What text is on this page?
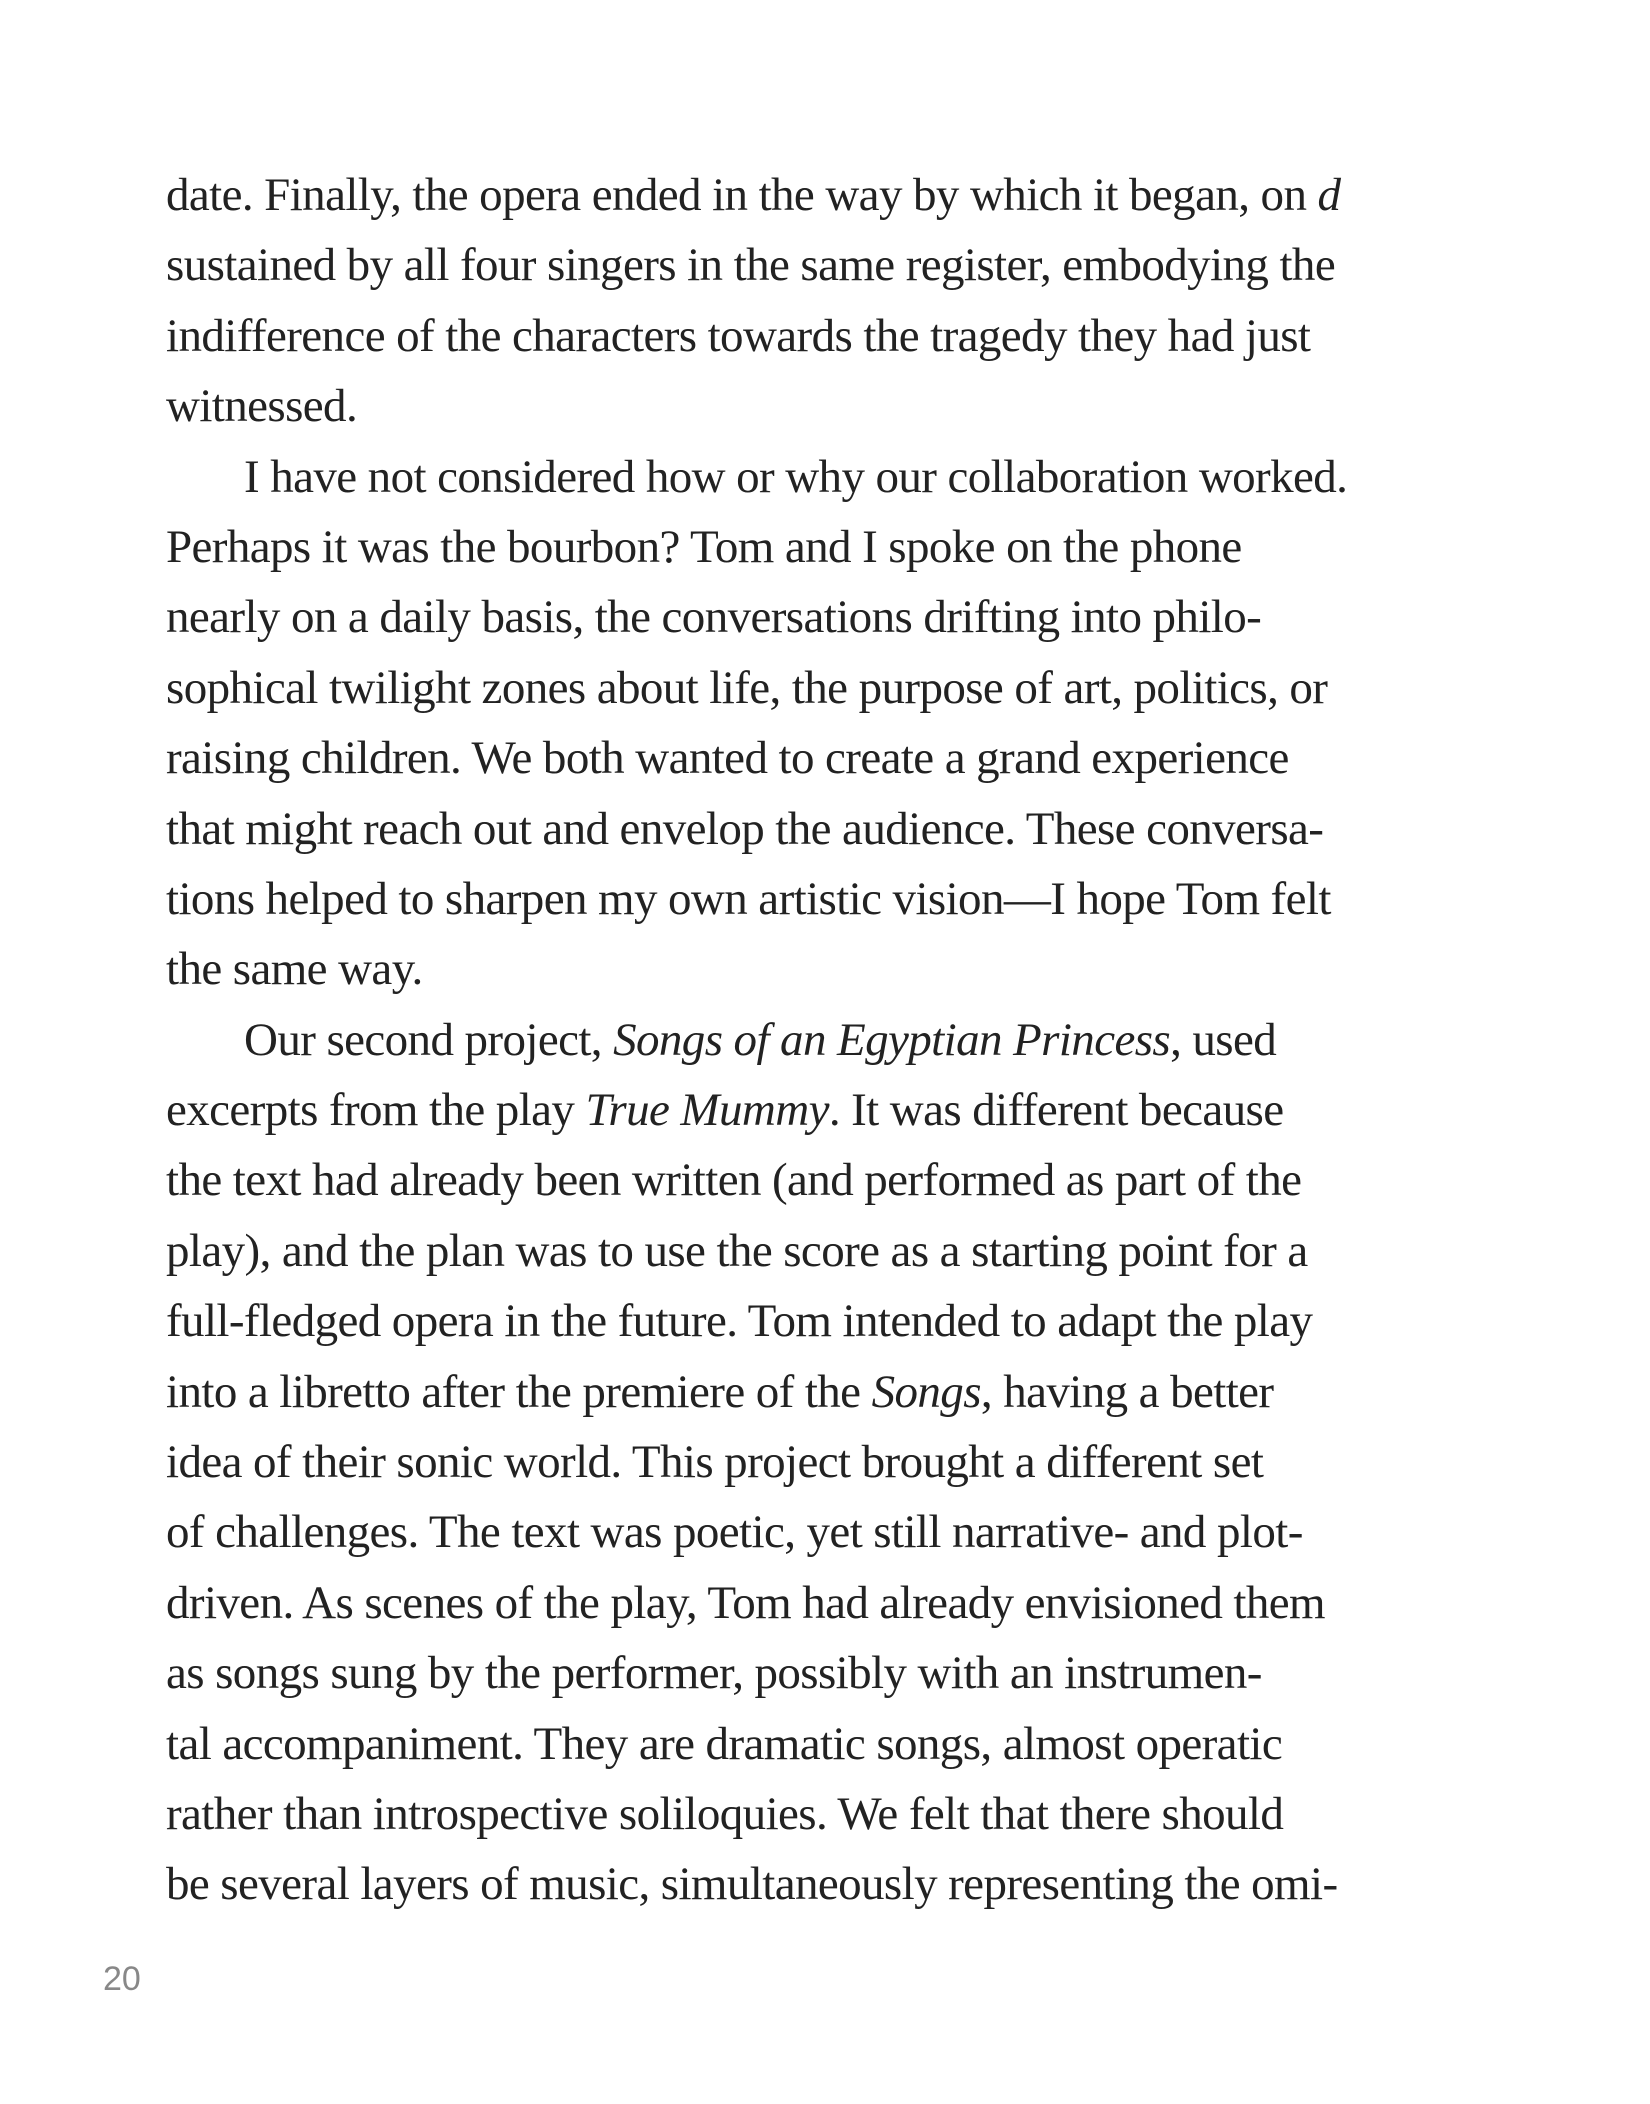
date. Finally, the opera ended in the way by which it began, on d
sustained by all four singers in the same register, embodying the
indifference of the characters towards the tragedy they had just
witnessed.
I have not considered how or why our collaboration worked.
Perhaps it was the bourbon? Tom and I spoke on the phone
nearly on a daily basis, the conversations drifting into philo-
sophical twilight zones about life, the purpose of art, politics, or
raising children. We both wanted to create a grand experience
that might reach out and envelop the audience. These conversa-
tions helped to sharpen my own artistic vision—I hope Tom felt
the same way.
Our second project, Songs of an Egyptian Princess, used
excerpts from the play True Mummy. It was different because
the text had already been written (and performed as part of the
play), and the plan was to use the score as a starting point for a
full-fledged opera in the future. Tom intended to adapt the play
into a libretto after the premiere of the Songs, having a better
idea of their sonic world. This project brought a different set
of challenges. The text was poetic, yet still narrative- and plot-
driven. As scenes of the play, Tom had already envisioned them
as songs sung by the performer, possibly with an instrumen-
tal accompaniment. They are dramatic songs, almost operatic
rather than introspective soliloquies. We felt that there should
be several layers of music, simultaneously representing the omi-
20
